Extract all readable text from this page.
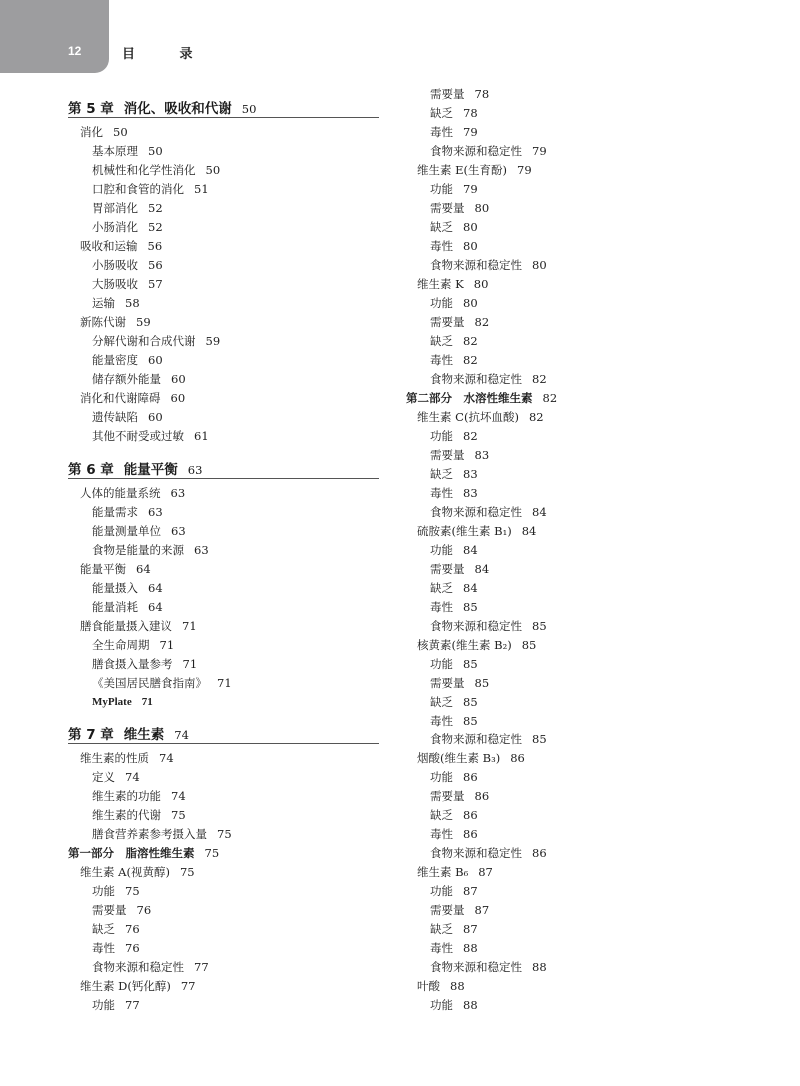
12	目 录
第 5 章 消化、吸收和代谢 50
第 6 章 能量平衡 63
第 7 章 维生素 74
消化 50
基本原理 50
机械性和化学性消化 50
口腔和食管的消化 51
胃部消化 52
小肠消化 52
吸收和运输 56
小肠吸收 56
大肠吸收 57
运输 58
新陈代谢 59
分解代谢和合成代谢 59
能量密度 60
储存额外能量 60
消化和代谢障碍 60
遗传缺陷 60
其他不耐受或过敏 61
人体的能量系统 63
能量需求 63
能量测量单位 63
食物是能量的来源 63
能量平衡 64
能量摄入 64
能量消耗 64
膳食能量摄入建议 71
全生命周期 71
膳食摄入量参考 71
《美国居民膳食指南》 71
MyPlate 71
维生素的性质 74
定义 74
维生素的功能 74
维生素的代谢 75
膳食营养素参考摄入量 75
第一部分　脂溶性维生素 75
维生素 A(视黄醇) 75
功能 75
需要量 76
缺乏 76
毒性 76
食物来源和稳定性 77
维生素 D(钙化醇) 77
功能 77
需要量 78
缺乏 78
毒性 79
食物来源和稳定性 79
维生素 E(生育酚) 79
功能 79
需要量 80
缺乏 80
毒性 80
食物来源和稳定性 80
维生素 K 80
功能 80
需要量 82
缺乏 82
毒性 82
食物来源和稳定性 82
第二部分　水溶性维生素 82
维生素 C(抗坏血酸) 82
功能 82
需要量 83
缺乏 83
毒性 83
食物来源和稳定性 84
硫胺素(维生素 B₁) 84
功能 84
需要量 84
缺乏 84
毒性 85
食物来源和稳定性 85
核黄素(维生素 B₂) 85
功能 85
需要量 85
缺乏 85
毒性 85
食物来源和稳定性 85
烟酸(维生素 B₃) 86
功能 86
需要量 86
缺乏 86
毒性 86
食物来源和稳定性 86
维生素 B₆ 87
功能 87
需要量 87
缺乏 87
毒性 88
食物来源和稳定性 88
叶酸 88
功能 88
